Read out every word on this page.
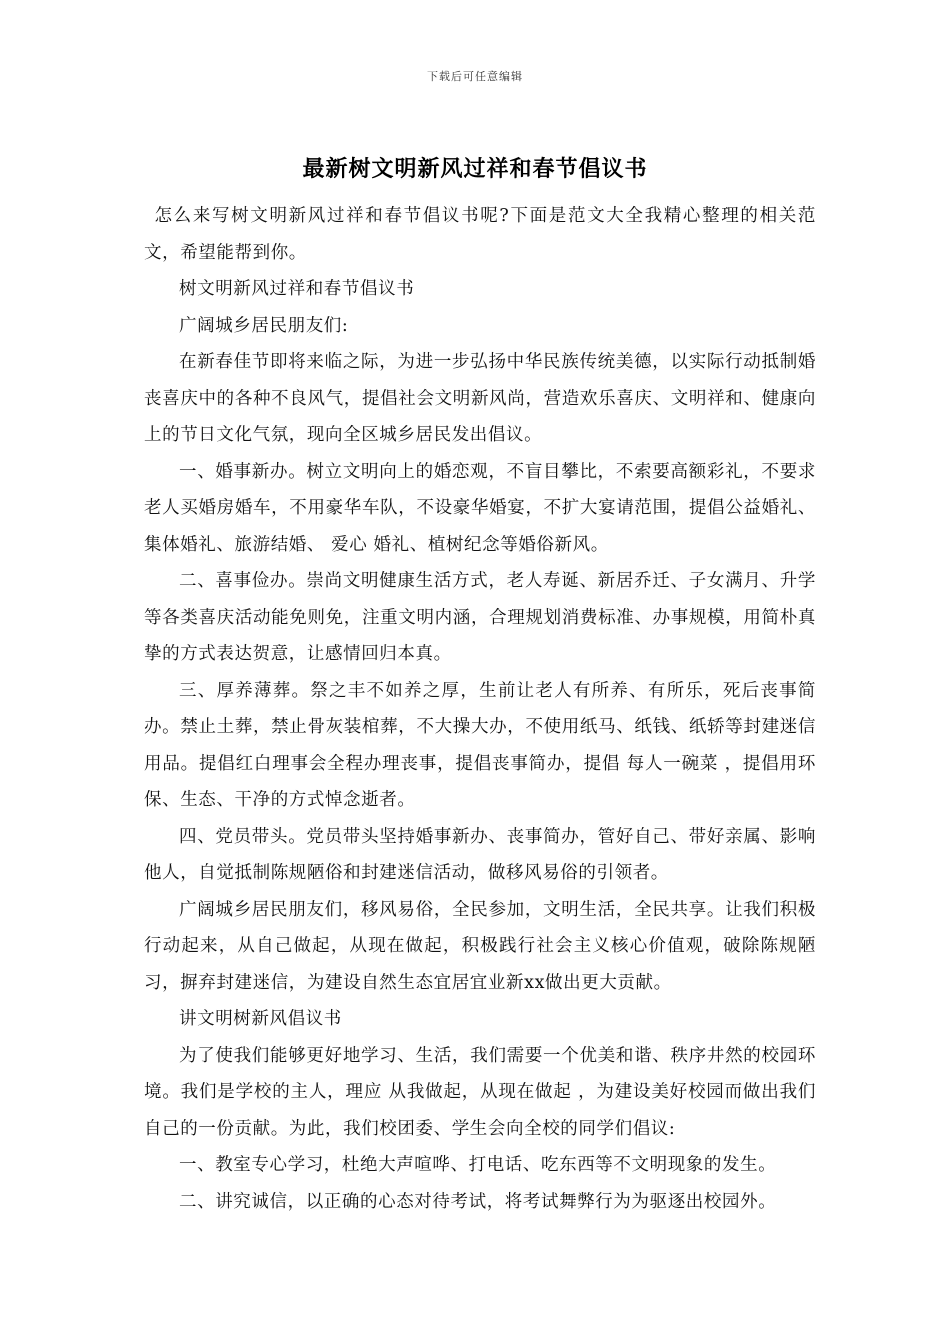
下载后可任意编辑
最新树文明新风过祥和春节倡议书

怎么来写树文明新风过祥和春节倡议书呢?下面是范文大全我精心整理的相关范文，希望能帮到你。

树文明新风过祥和春节倡议书

广阔城乡居民朋友们:

在新春佳节即将来临之际，为进一步弘扬中华民族传统美德，以实际行动抵制婚丧喜庆中的各种不良风气，提倡社会文明新风尚，营造欢乐喜庆、文明祥和、健康向上的节日文化气氛，现向全区城乡居民发出倡议。

一、婚事新办。树立文明向上的婚恋观，不盲目攀比，不索要高额彩礼，不要求老人买婚房婚车，不用豪华车队，不设豪华婚宴，不扩大宴请范围，提倡公益婚礼、集体婚礼、旅游结婚、 爱心 婚礼、植树纪念等婚俗新风。

二、喜事俭办。崇尚文明健康生活方式，老人寿诞、新居乔迁、子女满月、升学等各类喜庆活动能免则免，注重文明内涵，合理规划消费标准、办事规模，用简朴真挚的方式表达贺意，让感情回归本真。

三、厚养薄葬。祭之丰不如养之厚，生前让老人有所养、有所乐，死后丧事简办。禁止土葬，禁止骨灰装棺葬，不大操大办，不使用纸马、纸钱、纸轿等封建迷信用品。提倡红白理事会全程办理丧事，提倡丧事简办，提倡 每人一碗菜 ，提倡用环保、生态、干净的方式悼念逝者。

四、党员带头。党员带头坚持婚事新办、丧事简办，管好自己、带好亲属、影响他人，自觉抵制陈规陋俗和封建迷信活动，做移风易俗的引领者。

广阔城乡居民朋友们，移风易俗，全民参加，文明生活，全民共享。让我们积极行动起来，从自己做起，从现在做起，积极践行社会主义核心价值观，破除陈规陋习，摒弃封建迷信，为建设自然生态宜居宜业新xx做出更大贡献。

讲文明树新风倡议书

为了使我们能够更好地学习、生活，我们需要一个优美和谐、秩序井然的校园环境。我们是学校的主人，理应 从我做起，从现在做起 ，为建设美好校园而做出我们自己的一份贡献。为此，我们校团委、学生会向全校的同学们倡议:

一、教室专心学习，杜绝大声喧哗、打电话、吃东西等不文明现象的发生。

二、讲究诚信，以正确的心态对待考试，将考试舞弊行为为驱逐出校园外。
